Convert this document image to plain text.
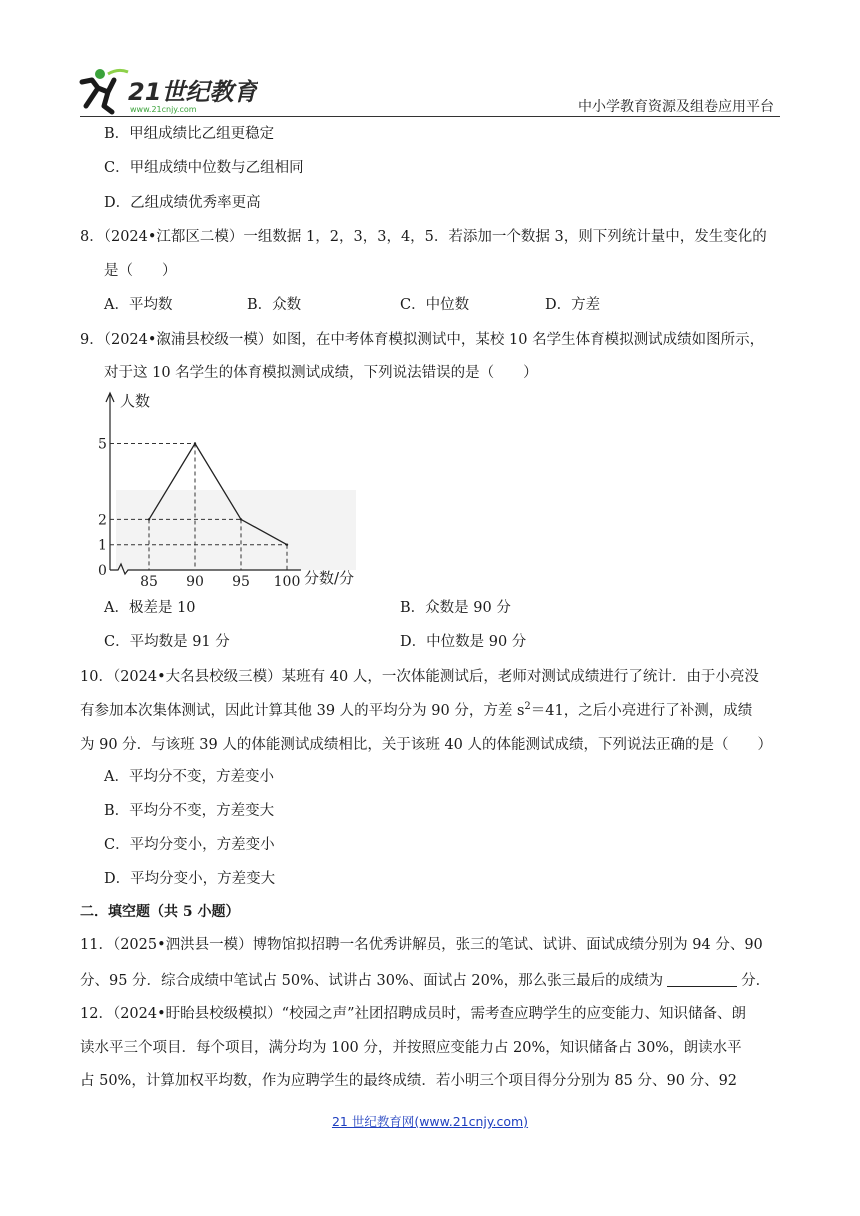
21世纪教育
www.21cnjy.com	中小学教育资源及组卷应用平台
B．甲组成绩比乙组更稳定
C．甲组成绩中位数与乙组相同
D．乙组成绩优秀率更高
8．（2024•江都区二模）一组数据 1，2，3，3，4，5．若添加一个数据 3，则下列统计量中，发生变化的
是（　　）
A．平均数	B．众数	C．中位数	D．方差
9．（2024•溆浦县校级一模）如图，在中考体育模拟测试中，某校 10 名学生体育模拟测试成绩如图所示，
对于这 10 名学生的体育模拟测试成绩，下列说法错误的是（　　）
人数
分数/分
0
5
2
1
85 90 95 100
A．极差是 10	B．众数是 90 分
C．平均数是 91 分	D．中位数是 90 分
10．（2024•大名县校级三模）某班有 40 人，一次体能测试后，老师对测试成绩进行了统计．由于小亮没
有参加本次集体测试，因此计算其他 39 人的平均分为 90 分，方差 $s^2=41$，之后小亮进行了补测，成绩
为 90 分．与该班 39 人的体能测试成绩相比，关于该班 40 人的体能测试成绩，下列说法正确的是（　　）
A．平均分不变，方差变小
B．平均分不变，方差变大
C．平均分变小，方差变小
D．平均分变小，方差变大
二．填空题（共 5 小题）
11．（2025•泗洪县一模）博物馆拟招聘一名优秀讲解员，张三的笔试、试讲、面试成绩分别为 94 分、90
分、95 分．综合成绩中笔试占 50%、试讲占 30%、面试占 20%，那么张三最后的成绩为	分．
12．（2024•盱眙县校级模拟）“校园之声”社团招聘成员时，需考查应聘学生的应变能力、知识储备、朗
读水平三个项目．每个项目，满分均为 100 分，并按照应变能力占 20%，知识储备占 30%，朗读水平
占 50%，计算加权平均数，作为应聘学生的最终成绩．若小明三个项目得分分别为 85 分、90 分、92
21 世纪教育网(www.21cnjy.com)
